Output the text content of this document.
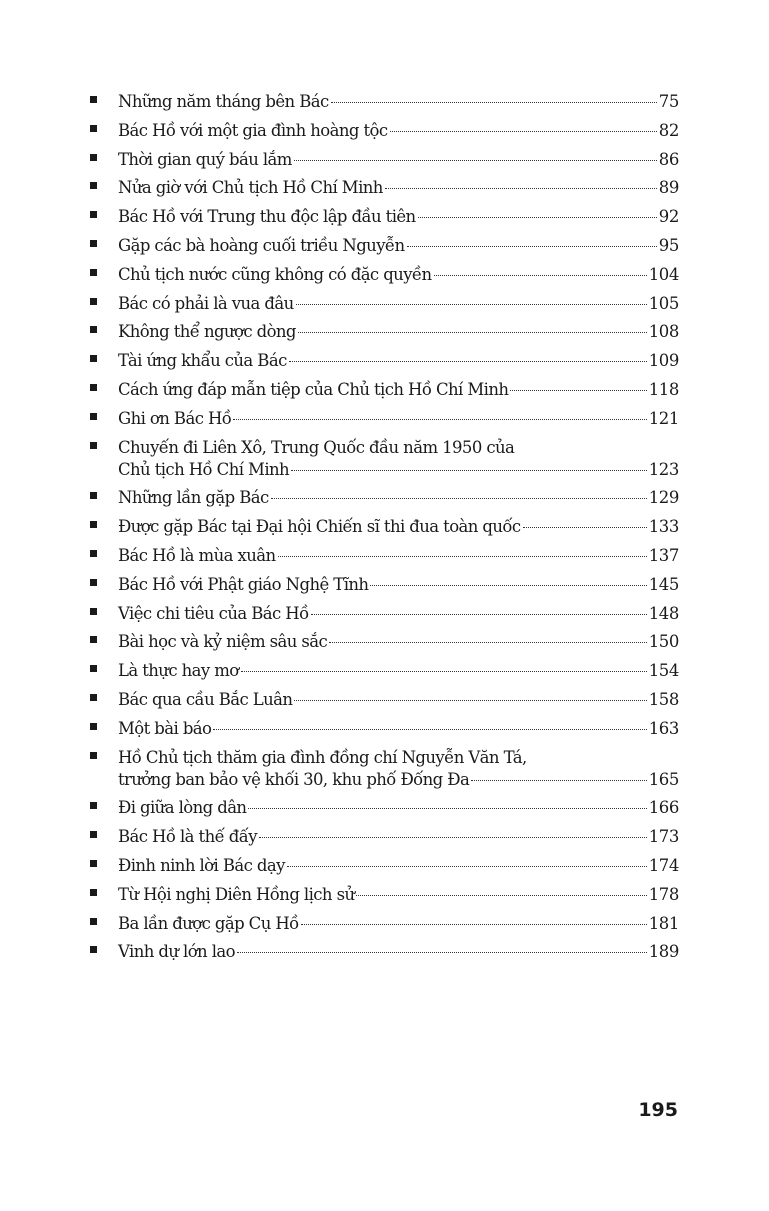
Những năm tháng bên Bác	75
Bác Hồ với một gia đình hoàng tộc	82
Thời gian quý báu lắm	86
Nửa giờ với Chủ tịch Hồ Chí Minh	89
Bác Hồ với Trung thu độc lập đầu tiên	92
Gặp các bà hoàng cuối triều Nguyễn	95
Chủ tịch nước cũng không có đặc quyền	104
Bác có phải là vua đâu	105
Không thể ngược dòng	108
Tài ứng khẩu của Bác	109
Cách ứng đáp mẫn tiệp của Chủ tịch Hồ Chí Minh	118
Ghi ơn Bác Hồ	121
Chuyến đi Liên Xô, Trung Quốc đầu năm 1950 của
Chủ tịch Hồ Chí Minh	123
Những lần gặp Bác	129
Được gặp Bác tại Đại hội Chiến sĩ thi đua toàn quốc	133
Bác Hồ là mùa xuân	137
Bác Hồ với Phật giáo Nghệ Tĩnh	145
Việc chi tiêu của Bác Hồ	148
Bài học và kỷ niệm sâu sắc	150
Là thực hay mơ	154
Bác qua cầu Bắc Luân	158
Một bài báo	163
Hồ Chủ tịch thăm gia đình đồng chí Nguyễn Văn Tá,
trưởng ban bảo vệ khối 30, khu phố Đống Đa	165
Đi giữa lòng dân	166
Bác Hồ là thế đấy	173
Đinh ninh lời Bác dạy	174
Từ Hội nghị Diên Hồng lịch sử	178
Ba lần được gặp Cụ Hồ	181
Vinh dự lớn lao	189
195
